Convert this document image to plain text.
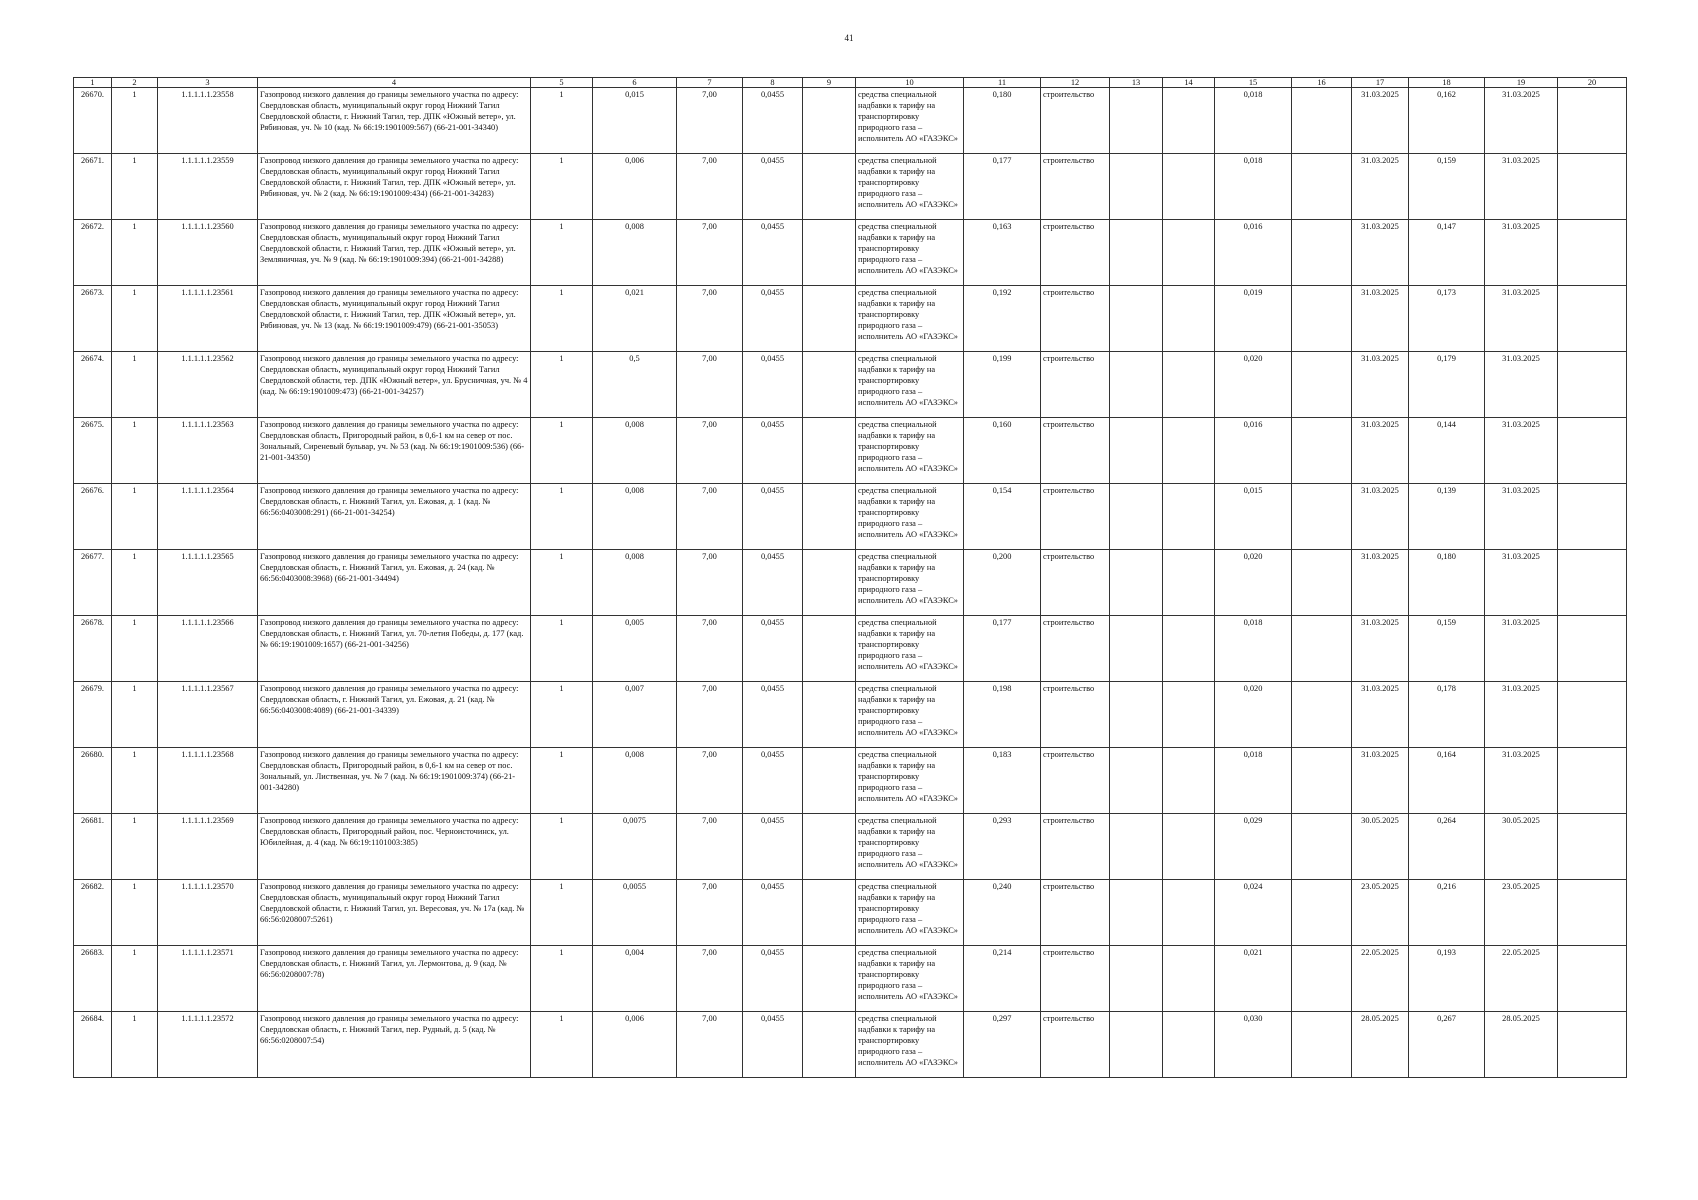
41
1	2	3	4	5	6	7	8	9	10	11	12	13	14	15	16	17	18	19	20
26670.	1	1.1.1.1.1.23558	Газопровод низкого давления до границы земельного участка по адресу: Свердловская область, муниципальный округ город Нижний Тагил Свердловской области, г. Нижний Тагил, тер. ДПК «Южный ветер», ул. Рябиновая, уч. № 10 (кад. № 66:19:1901009:567) (66-21-001-34340)	1	0,015	7,00	0,0455		средства специальной надбавки к тарифу на транспортировку природного газа – исполнитель АО «ГАЗЭКС»	0,180	строительство			0,018		31.03.2025	0,162	31.03.2025	
26671.	1	1.1.1.1.1.23559	Газопровод низкого давления до границы земельного участка по адресу: Свердловская область, муниципальный округ город Нижний Тагил Свердловской области, г. Нижний Тагил, тер. ДПК «Южный ветер», ул. Рябиновая, уч. № 2 (кад. № 66:19:1901009:434) (66-21-001-34283)	1	0,006	7,00	0,0455		средства специальной надбавки к тарифу на транспортировку природного газа – исполнитель АО «ГАЗЭКС»	0,177	строительство			0,018		31.03.2025	0,159	31.03.2025	
26672.	1	1.1.1.1.1.23560	Газопровод низкого давления до границы земельного участка по адресу: Свердловская область, муниципальный округ город Нижний Тагил Свердловской области, г. Нижний Тагил, тер. ДПК «Южный ветер», ул. Земляничная, уч. № 9 (кад. № 66:19:1901009:394) (66-21-001-34288)	1	0,008	7,00	0,0455		средства специальной надбавки к тарифу на транспортировку природного газа – исполнитель АО «ГАЗЭКС»	0,163	строительство			0,016		31.03.2025	0,147	31.03.2025	
26673.	1	1.1.1.1.1.23561	Газопровод низкого давления до границы земельного участка по адресу: Свердловская область, муниципальный округ город Нижний Тагил Свердловской области, г. Нижний Тагил, тер. ДПК «Южный ветер», ул. Рябиновая, уч. № 13 (кад. № 66:19:1901009:479) (66-21-001-35053)	1	0,021	7,00	0,0455		средства специальной надбавки к тарифу на транспортировку природного газа – исполнитель АО «ГАЗЭКС»	0,192	строительство			0,019		31.03.2025	0,173	31.03.2025	
26674.	1	1.1.1.1.1.23562	Газопровод низкого давления до границы земельного участка по адресу: Свердловская область, муниципальный округ город Нижний Тагил Свердловской области, тер. ДПК «Южный ветер», ул. Брусничная, уч. № 4 (кад. № 66:19:1901009:473) (66-21-001-34257)	1	0,5	7,00	0,0455		средства специальной надбавки к тарифу на транспортировку природного газа – исполнитель АО «ГАЗЭКС»	0,199	строительство			0,020		31.03.2025	0,179	31.03.2025	
26675.	1	1.1.1.1.1.23563	Газопровод низкого давления до границы земельного участка по адресу: Свердловская область, Пригородный район, в 0,6-1 км на север от пос. Зональный, Сиреневый бульвар, уч. № 53 (кад. № 66:19:1901009:536) (66-21-001-34350)	1	0,008	7,00	0,0455		средства специальной надбавки к тарифу на транспортировку природного газа – исполнитель АО «ГАЗЭКС»	0,160	строительство			0,016		31.03.2025	0,144	31.03.2025	
26676.	1	1.1.1.1.1.23564	Газопровод низкого давления до границы земельного участка по адресу: Свердловская область, г. Нижний Тагил, ул. Ежовая, д. 1 (кад. № 66:56:0403008:291) (66-21-001-34254)	1	0,008	7,00	0,0455		средства специальной надбавки к тарифу на транспортировку природного газа – исполнитель АО «ГАЗЭКС»	0,154	строительство			0,015		31.03.2025	0,139	31.03.2025	
26677.	1	1.1.1.1.1.23565	Газопровод низкого давления до границы земельного участка по адресу: Свердловская область, г. Нижний Тагил, ул. Ежовая, д. 24 (кад. № 66:56:0403008:3968) (66-21-001-34494)	1	0,008	7,00	0,0455		средства специальной надбавки к тарифу на транспортировку природного газа – исполнитель АО «ГАЗЭКС»	0,200	строительство			0,020		31.03.2025	0,180	31.03.2025	
26678.	1	1.1.1.1.1.23566	Газопровод низкого давления до границы земельного участка по адресу: Свердловская область, г. Нижний Тагил, ул. 70-летия Победы, д. 177 (кад. № 66:19:1901009:1657) (66-21-001-34256)	1	0,005	7,00	0,0455		средства специальной надбавки к тарифу на транспортировку природного газа – исполнитель АО «ГАЗЭКС»	0,177	строительство			0,018		31.03.2025	0,159	31.03.2025	
26679.	1	1.1.1.1.1.23567	Газопровод низкого давления до границы земельного участка по адресу: Свердловская область, г. Нижний Тагил, ул. Ежовая, д. 21 (кад. № 66:56:0403008:4089) (66-21-001-34339)	1	0,007	7,00	0,0455		средства специальной надбавки к тарифу на транспортировку природного газа – исполнитель АО «ГАЗЭКС»	0,198	строительство			0,020		31.03.2025	0,178	31.03.2025	
26680.	1	1.1.1.1.1.23568	Газопровод низкого давления до границы земельного участка по адресу: Свердловская область, Пригородный район, в 0,6-1 км на север от пос. Зональный, ул. Лиственная, уч. № 7 (кад. № 66:19:1901009:374) (66-21-001-34280)	1	0,008	7,00	0,0455		средства специальной надбавки к тарифу на транспортировку природного газа – исполнитель АО «ГАЗЭКС»	0,183	строительство			0,018		31.03.2025	0,164	31.03.2025	
26681.	1	1.1.1.1.1.23569	Газопровод низкого давления до границы земельного участка по адресу: Свердловская область, Пригородный район, пос. Черноисточинск, ул. Юбилейная, д. 4 (кад. № 66:19:1101003:385)	1	0,0075	7,00	0,0455		средства специальной надбавки к тарифу на транспортировку природного газа – исполнитель АО «ГАЗЭКС»	0,293	строительство			0,029		30.05.2025	0,264	30.05.2025	
26682.	1	1.1.1.1.1.23570	Газопровод низкого давления до границы земельного участка по адресу: Свердловская область, муниципальный округ город Нижний Тагил Свердловской области, г. Нижний Тагил, ул. Вересовая, уч. № 17а (кад. № 66:56:0208007:5261)	1	0,0055	7,00	0,0455		средства специальной надбавки к тарифу на транспортировку природного газа – исполнитель АО «ГАЗЭКС»	0,240	строительство			0,024		23.05.2025	0,216	23.05.2025	
26683.	1	1.1.1.1.1.23571	Газопровод низкого давления до границы земельного участка по адресу: Свердловская область, г. Нижний Тагил, ул. Лермонтова, д. 9 (кад. № 66:56:0208007:78)	1	0,004	7,00	0,0455		средства специальной надбавки к тарифу на транспортировку природного газа – исполнитель АО «ГАЗЭКС»	0,214	строительство			0,021		22.05.2025	0,193	22.05.2025	
26684.	1	1.1.1.1.1.23572	Газопровод низкого давления до границы земельного участка по адресу: Свердловская область, г. Нижний Тагил, пер. Рудный, д. 5 (кад. № 66:56:0208007:54)	1	0,006	7,00	0,0455		средства специальной надбавки к тарифу на транспортировку природного газа – исполнитель АО «ГАЗЭКС»	0,297	строительство			0,030		28.05.2025	0,267	28.05.2025	
